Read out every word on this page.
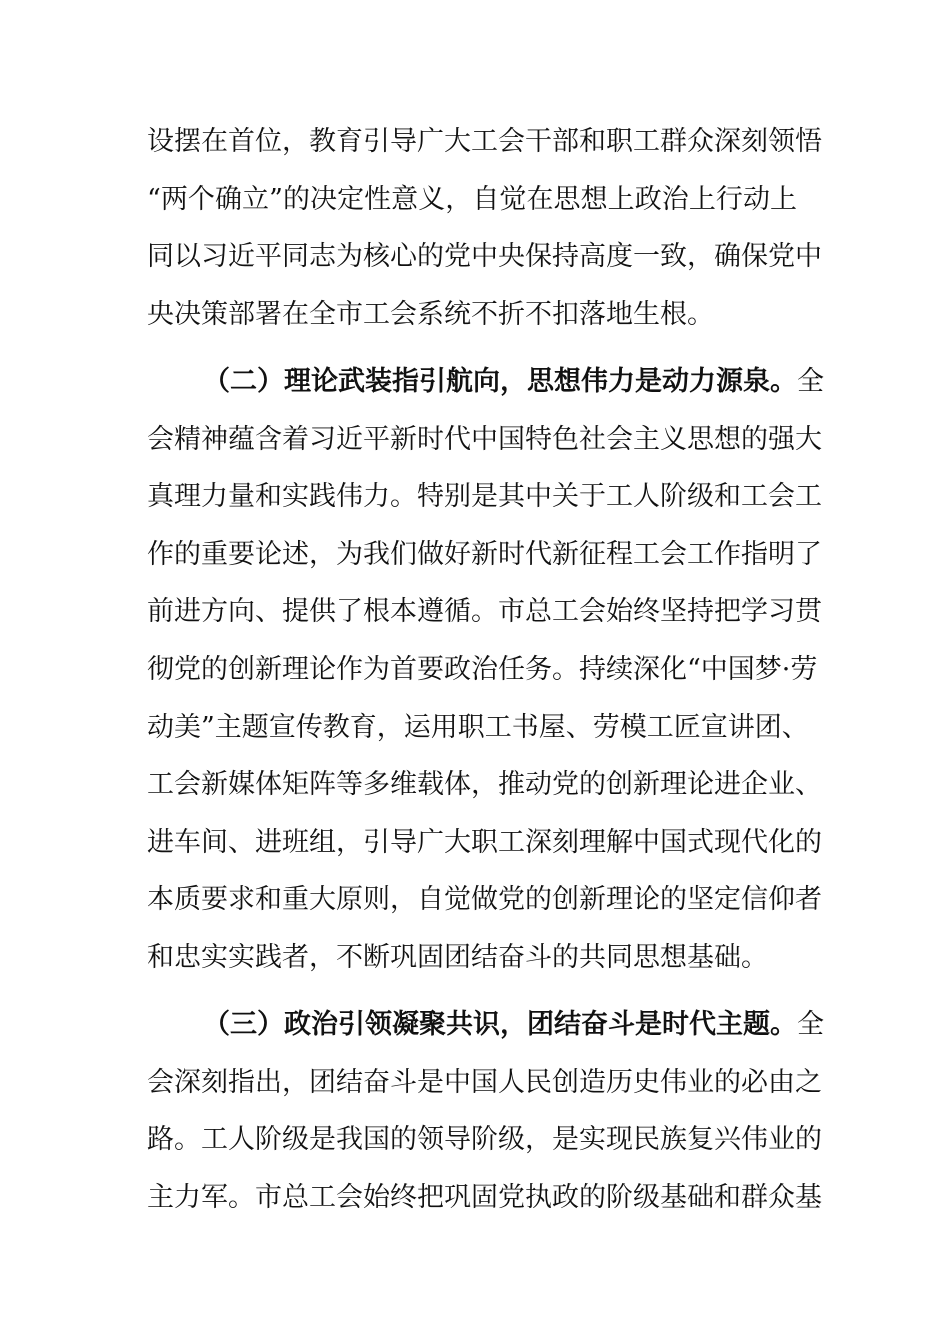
设摆在首位，教育引导广大工会干部和职工群众深刻领悟
“两个确立”的决定性意义，自觉在思想上政治上行动上
同以习近平同志为核心的党中央保持高度一致，确保党中
央决策部署在全市工会系统不折不扣落地生根。
（二）理论武装指引航向，思想伟力是动力源泉。全
会精神蕴含着习近平新时代中国特色社会主义思想的强大
真理力量和实践伟力。特别是其中关于工人阶级和工会工
作的重要论述，为我们做好新时代新征程工会工作指明了
前进方向、提供了根本遵循。市总工会始终坚持把学习贯
彻党的创新理论作为首要政治任务。持续深化“中国梦·劳
动美”主题宣传教育，运用职工书屋、劳模工匠宣讲团、
工会新媒体矩阵等多维载体，推动党的创新理论进企业、
进车间、进班组，引导广大职工深刻理解中国式现代化的
本质要求和重大原则，自觉做党的创新理论的坚定信仰者
和忠实实践者，不断巩固团结奋斗的共同思想基础。
（三）政治引领凝聚共识，团结奋斗是时代主题。全
会深刻指出，团结奋斗是中国人民创造历史伟业的必由之
路。工人阶级是我国的领导阶级，是实现民族复兴伟业的
主力军。市总工会始终把巩固党执政的阶级基础和群众基
